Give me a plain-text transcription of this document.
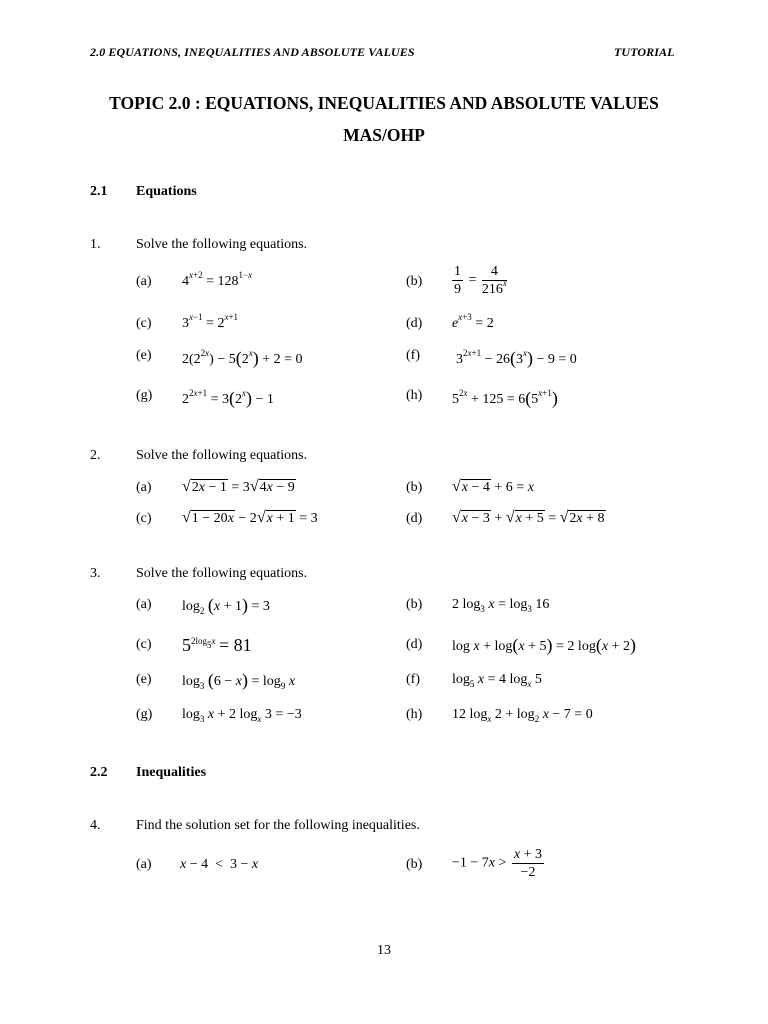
2.0 EQUATIONS, INEQUALITIES AND ABSOLUTE VALUES	TUTORIAL
TOPIC 2.0 : EQUATIONS, INEQUALITIES AND ABSOLUTE VALUES
MAS/OHP
2.1 Equations
1.	Solve the following equations.
(a) $4^{x+2} = 128^{1-x}$	$(b) \frac{1}{9} = \frac{4}{216^x}$
(c) $3^{x-1} = 2^{x+1}$	(d) $e^{x+3} = 2$
(e) $2(2^{2x}) - 5(2^x) + 2 = 0$	(f)	$3^{2x+1} - 26(3^x) - 9 = 0$
(g) $2^{2x+1} = 3(2^x) - 1$	(h) $5^{2x} + 125 = 6(5^{x+1})$
2.	Solve the following equations.
(a) √2x − 1 = 3√4x − 9	(b) √x − 4 + 6 = x
(c) √1 − 20x − 2√x + 1 = 3	(d) √x − 3 + √x + 5 = √2x + 8
3.	Solve the following equations.
(a) $\log_2 (x + 1) = 3$	(b) 2 $\log_3 x = \log_3 16$
(c) $5^{2log_5x} = 81$	(d) log x + log(x + 5) = 2 log(x + 2)
(e) $\log_3 (6 - x) = \log_9 x$	(f) $\log_5 x = 4$ $\log_x 5$
(g) $\log_3 x + 2$ $\log_x 3 = -3$	(h) 12 $\log_x 2 + \log_2 x - 7 = 0$
2.2 Inequalities
4.	Find the solution set for the following inequalities.
(a) x − 4  <  3 − x	$(b) -1 - 7x > \frac{x + 3}{-2}$
13
